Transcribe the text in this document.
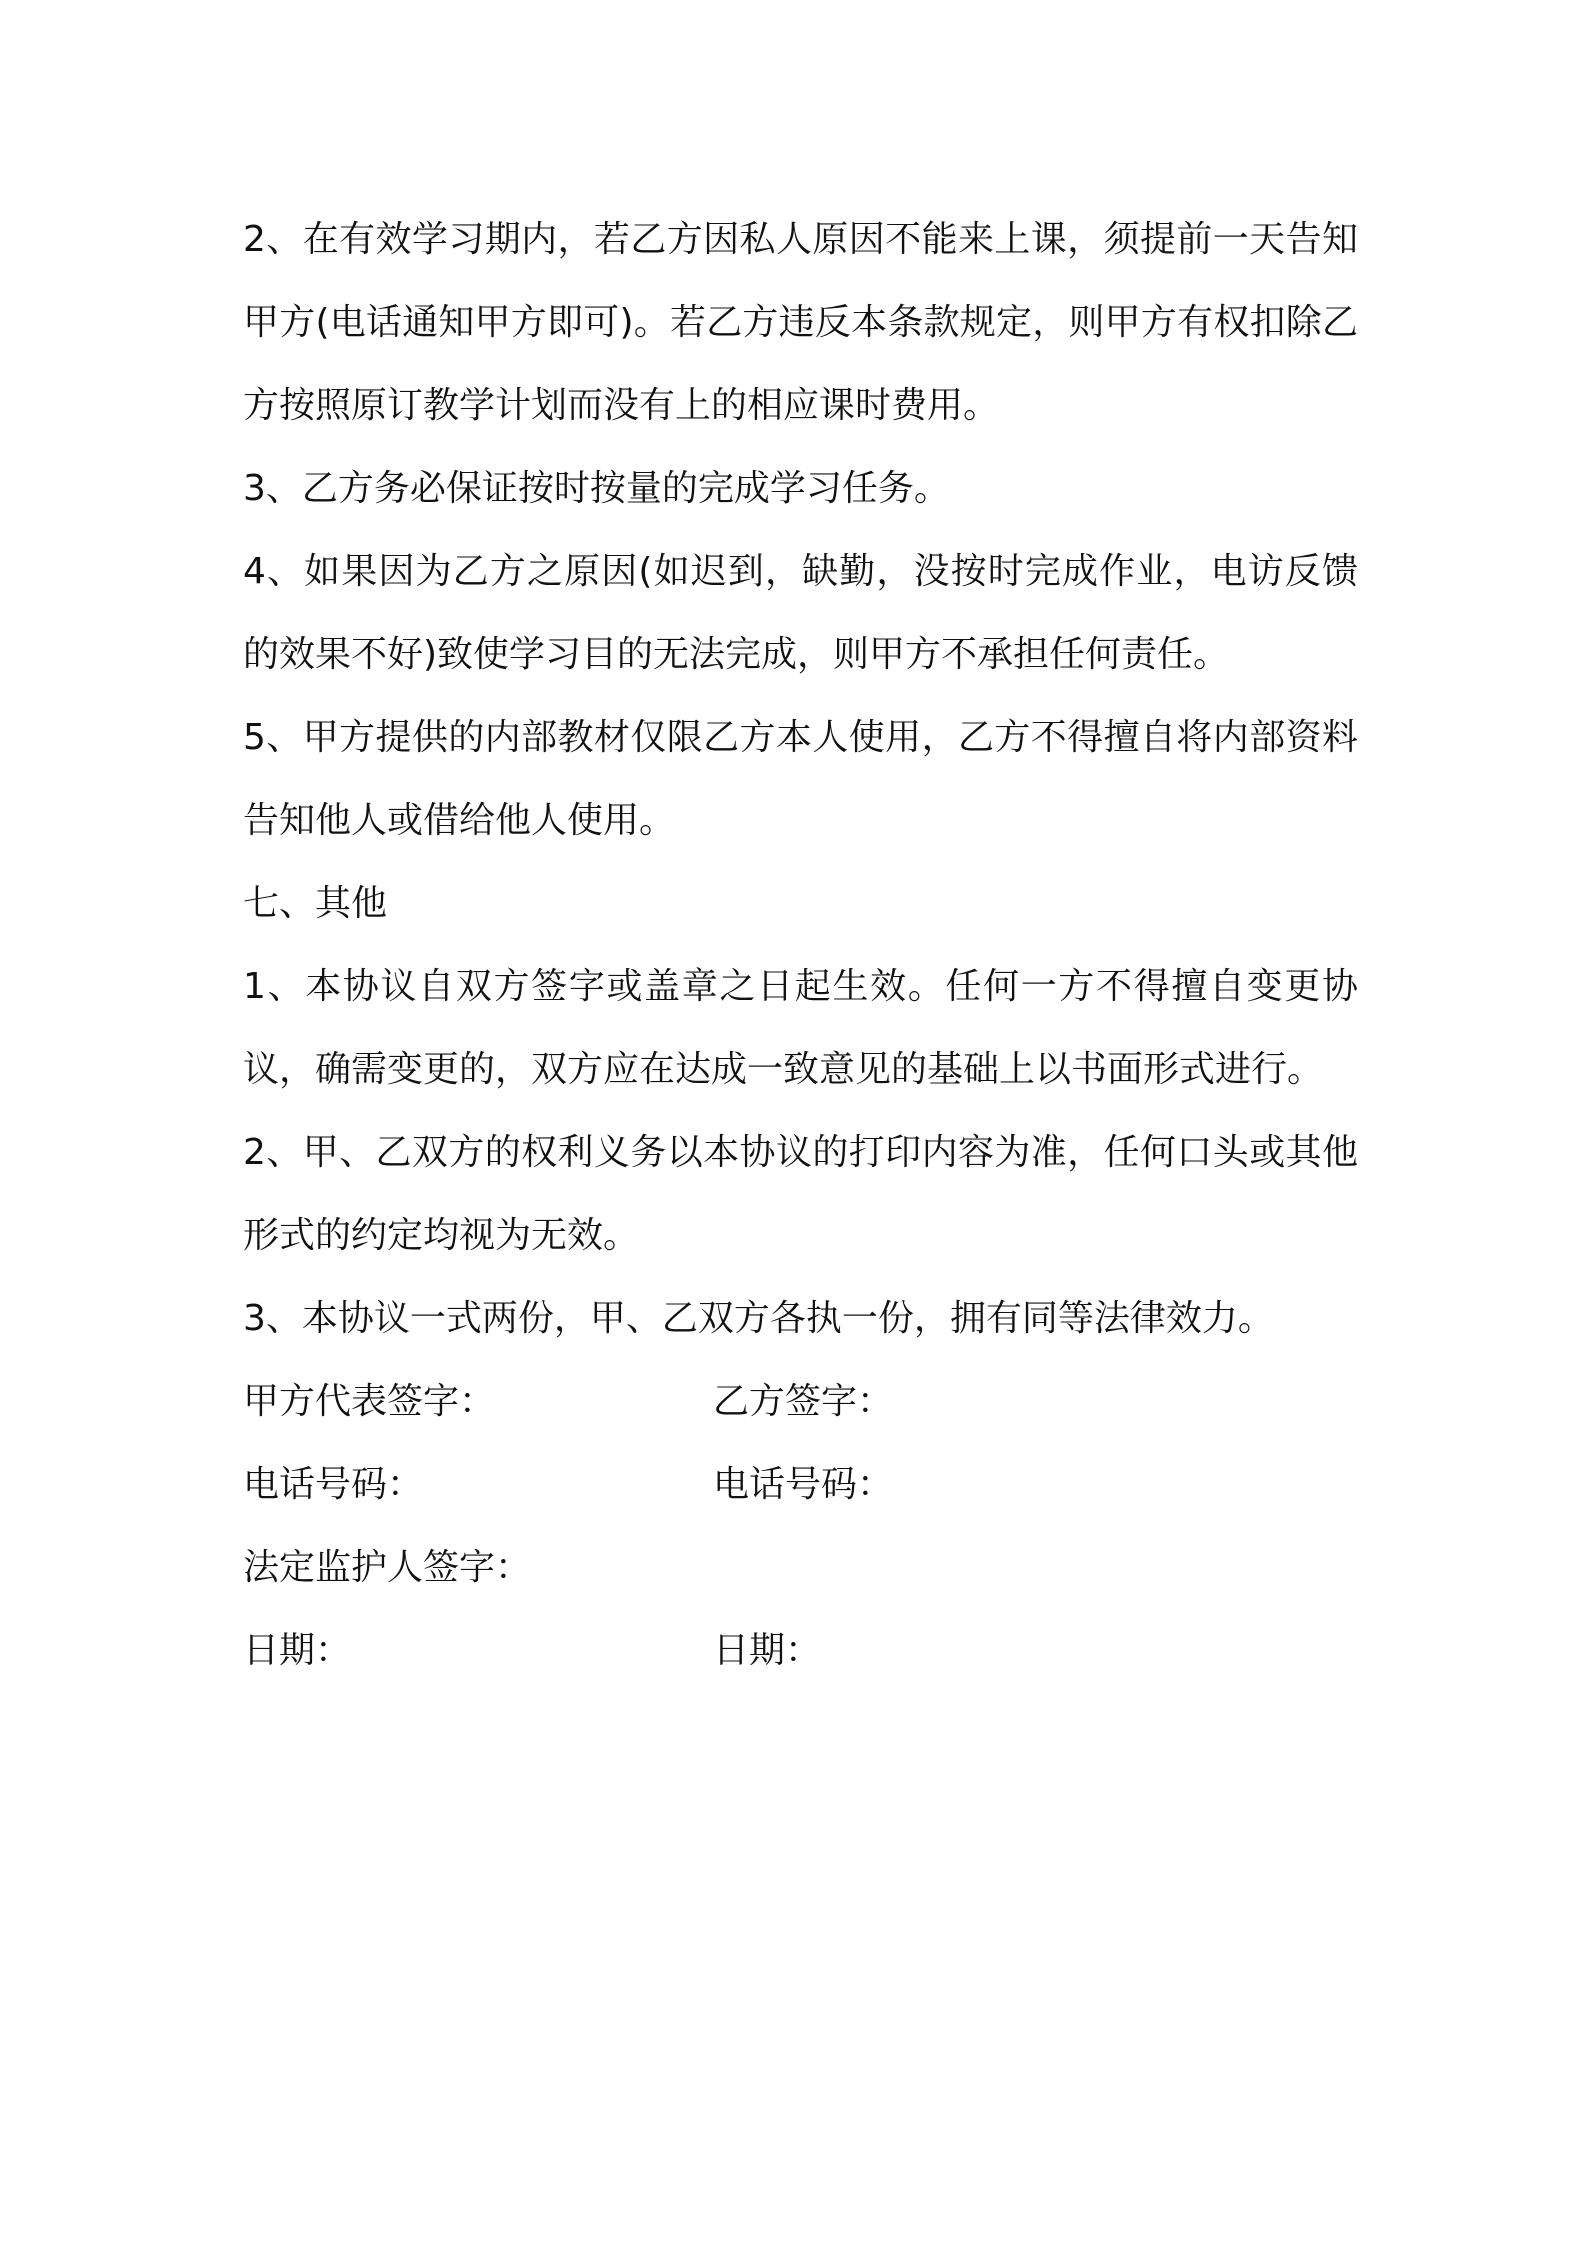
2、在有效学习期内，若乙方因私人原因不能来上课，须提前一天告知甲方(电话通知甲方即可)。若乙方违反本条款规定，则甲方有权扣除乙方按照原订教学计划而没有上的相应课时费用。

3、乙方务必保证按时按量的完成学习任务。

4、如果因为乙方之原因(如迟到，缺勤，没按时完成作业，电访反馈的效果不好)致使学习目的无法完成，则甲方不承担任何责任。

5、甲方提供的内部教材仅限乙方本人使用，乙方不得擅自将内部资料告知他人或借给他人使用。

七、其他

1、本协议自双方签字或盖章之日起生效。任何一方不得擅自变更协议，确需变更的，双方应在达成一致意见的基础上以书面形式进行。

2、甲、乙双方的权利义务以本协议的打印内容为准，任何口头或其他形式的约定均视为无效。

3、本协议一式两份，甲、乙双方各执一份，拥有同等法律效力。

甲方代表签字：	乙方签字：
电话号码：	电话号码：
法定监护人签字：
日期：	日期：
